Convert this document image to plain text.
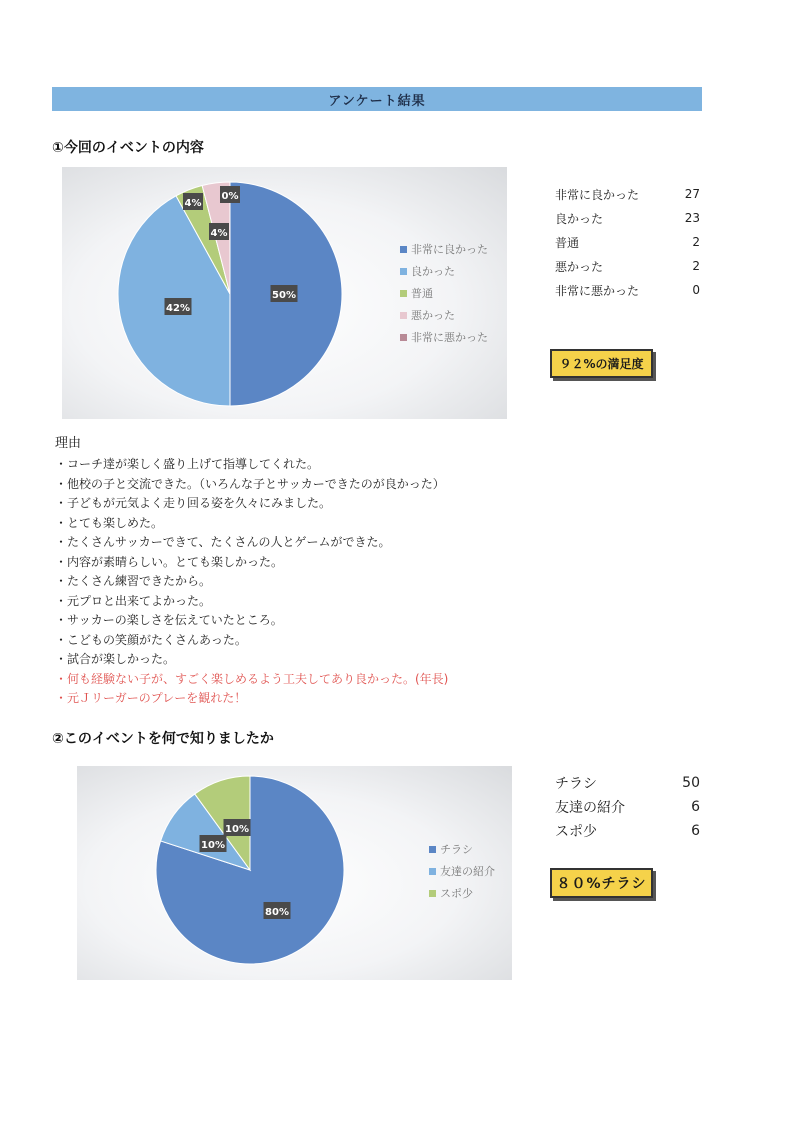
アンケート結果
①今回のイベントの内容
50%
42%
4%
4%
0%
非常に良かった
良かった
普通
悪かった
非常に悪かった
非常に良かった	27
良かった	23
普通	2
悪かった	2
非常に悪かった	0
９２%の満足度
理由
・コーチ達が楽しく盛り上げて指導してくれた。
・他校の子と交流できた。（いろんな子とサッカーできたのが良かった）
・子どもが元気よく走り回る姿を久々にみました。
・とても楽しめた。
・たくさんサッカーできて、たくさんの人とゲームができた。
・内容が素晴らしい。とても楽しかった。
・たくさん練習できたから。
・元プロと出来てよかった。
・サッカーの楽しさを伝えていたところ。
・こどもの笑顔がたくさんあった。
・試合が楽しかった。
・何も経験ない子が、すごく楽しめるよう工夫してあり良かった。(年長)
・元Ｊリーガーのプレーを観れた！
②このイベントを何で知りましたか
80%
10%
10%
チラシ
友達の紹介
スポ少
チラシ	50
友達の紹介	6
スポ少	6
８０%チラシ
